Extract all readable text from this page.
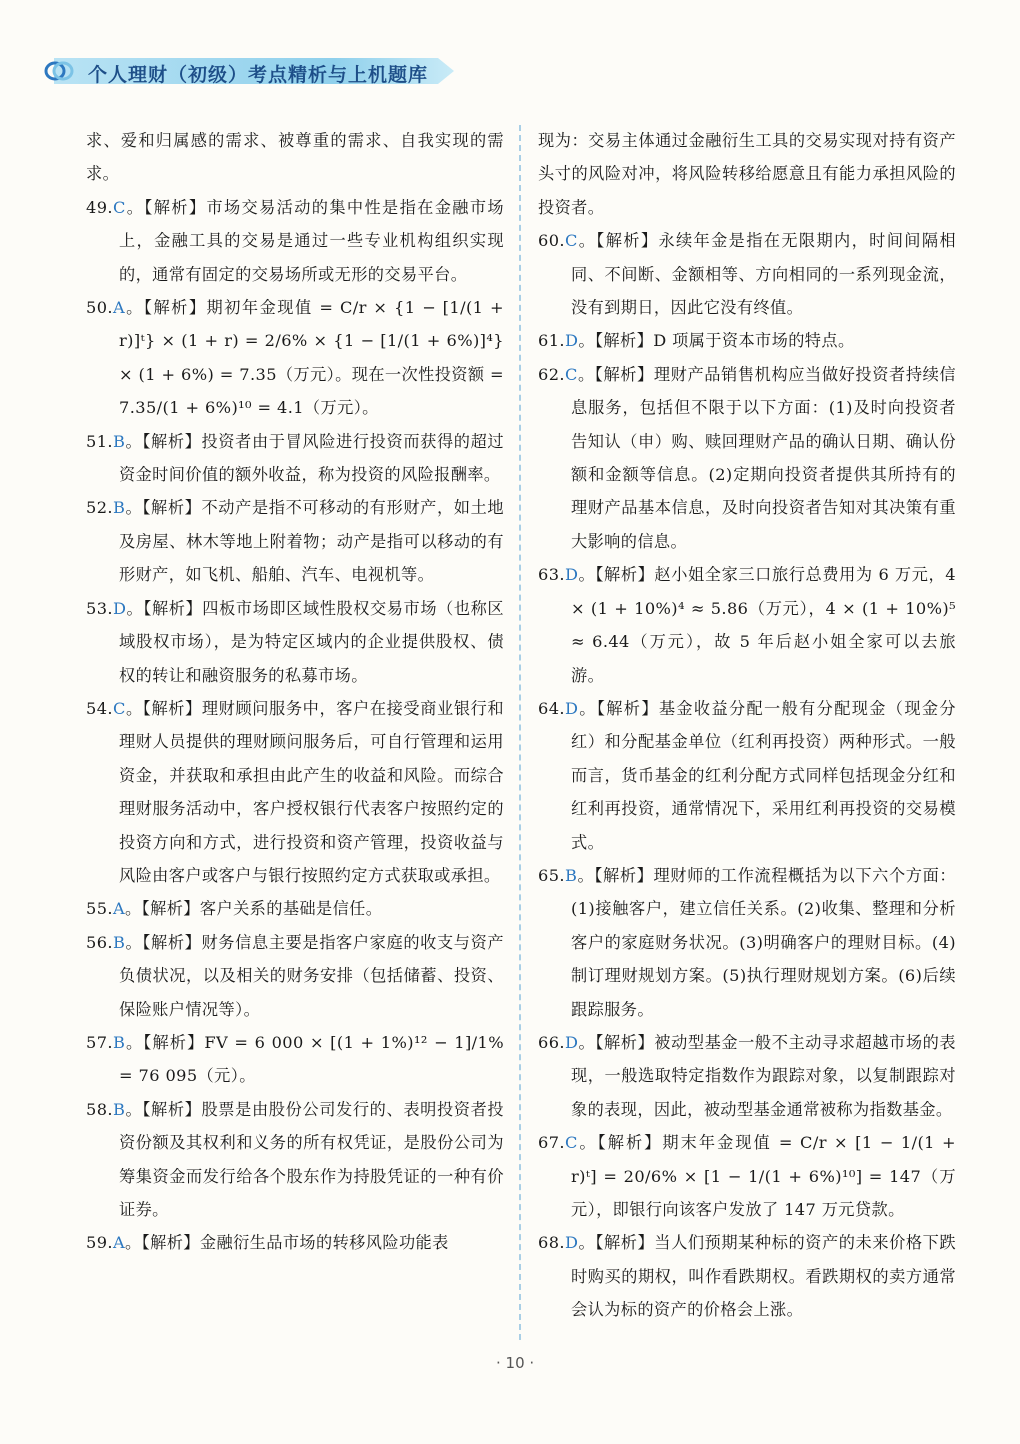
个人理财（初级）考点精析与上机题库

求、爱和归属感的需求、被尊重的需求、自我实现的需求。

49.C。【解析】市场交易活动的集中性是指在金融市场上，金融工具的交易是通过一些专业机构组织实现的，通常有固定的交易场所或无形的交易平台。

50.A。【解析】期初年金现值 = C/r × {1 − [1/(1 + r)]ᵗ} × (1 + r) = 2/6% × {1 − [1/(1 + 6%)]⁴} × (1 + 6%) = 7.35（万元）。现在一次性投资额 = 7.35/(1 + 6%)¹⁰ = 4.1（万元）。

51.B。【解析】投资者由于冒风险进行投资而获得的超过资金时间价值的额外收益，称为投资的风险报酬率。

52.B。【解析】不动产是指不可移动的有形财产，如土地及房屋、林木等地上附着物；动产是指可以移动的有形财产，如飞机、船舶、汽车、电视机等。

53.D。【解析】四板市场即区域性股权交易市场（也称区域股权市场），是为特定区域内的企业提供股权、债权的转让和融资服务的私募市场。

54.C。【解析】理财顾问服务中，客户在接受商业银行和理财人员提供的理财顾问服务后，可自行管理和运用资金，并获取和承担由此产生的收益和风险。而综合理财服务活动中，客户授权银行代表客户按照约定的投资方向和方式，进行投资和资产管理，投资收益与风险由客户或客户与银行按照约定方式获取或承担。

55.A。【解析】客户关系的基础是信任。

56.B。【解析】财务信息主要是指客户家庭的收支与资产负债状况，以及相关的财务安排（包括储蓄、投资、保险账户情况等）。

57.B。【解析】FV = 6 000 × [(1 + 1%)¹² − 1]/1% = 76 095（元）。

58.B。【解析】股票是由股份公司发行的、表明投资者投资份额及其权利和义务的所有权凭证，是股份公司为筹集资金而发行给各个股东作为持股凭证的一种有价证券。

59.A。【解析】金融衍生品市场的转移风险功能表

现为：交易主体通过金融衍生工具的交易实现对持有资产头寸的风险对冲，将风险转移给愿意且有能力承担风险的投资者。

60.C。【解析】永续年金是指在无限期内，时间间隔相同、不间断、金额相等、方向相同的一系列现金流，没有到期日，因此它没有终值。

61.D。【解析】D 项属于资本市场的特点。

62.C。【解析】理财产品销售机构应当做好投资者持续信息服务，包括但不限于以下方面：(1)及时向投资者告知认（申）购、赎回理财产品的确认日期、确认份额和金额等信息。(2)定期向投资者提供其所持有的理财产品基本信息，及时向投资者告知对其决策有重大影响的信息。

63.D。【解析】赵小姐全家三口旅行总费用为 6 万元，4 × (1 + 10%)⁴ ≈ 5.86（万元），4 × (1 + 10%)⁵ ≈ 6.44（万元），故 5 年后赵小姐全家可以去旅游。

64.D。【解析】基金收益分配一般有分配现金（现金分红）和分配基金单位（红利再投资）两种形式。一般而言，货币基金的红利分配方式同样包括现金分红和红利再投资，通常情况下，采用红利再投资的交易模式。

65.B。【解析】理财师的工作流程概括为以下六个方面：(1)接触客户，建立信任关系。(2)收集、整理和分析客户的家庭财务状况。(3)明确客户的理财目标。(4)制订理财规划方案。(5)执行理财规划方案。(6)后续跟踪服务。

66.D。【解析】被动型基金一般不主动寻求超越市场的表现，一般选取特定指数作为跟踪对象，以复制跟踪对象的表现，因此，被动型基金通常被称为指数基金。

67.C。【解析】期末年金现值 = C/r × [1 − 1/(1 + r)ᵗ] = 20/6% × [1 − 1/(1 + 6%)¹⁰] = 147（万元），即银行向该客户发放了 147 万元贷款。

68.D。【解析】当人们预期某种标的资产的未来价格下跌时购买的期权，叫作看跌期权。看跌期权的卖方通常会认为标的资产的价格会上涨。

· 10 ·
